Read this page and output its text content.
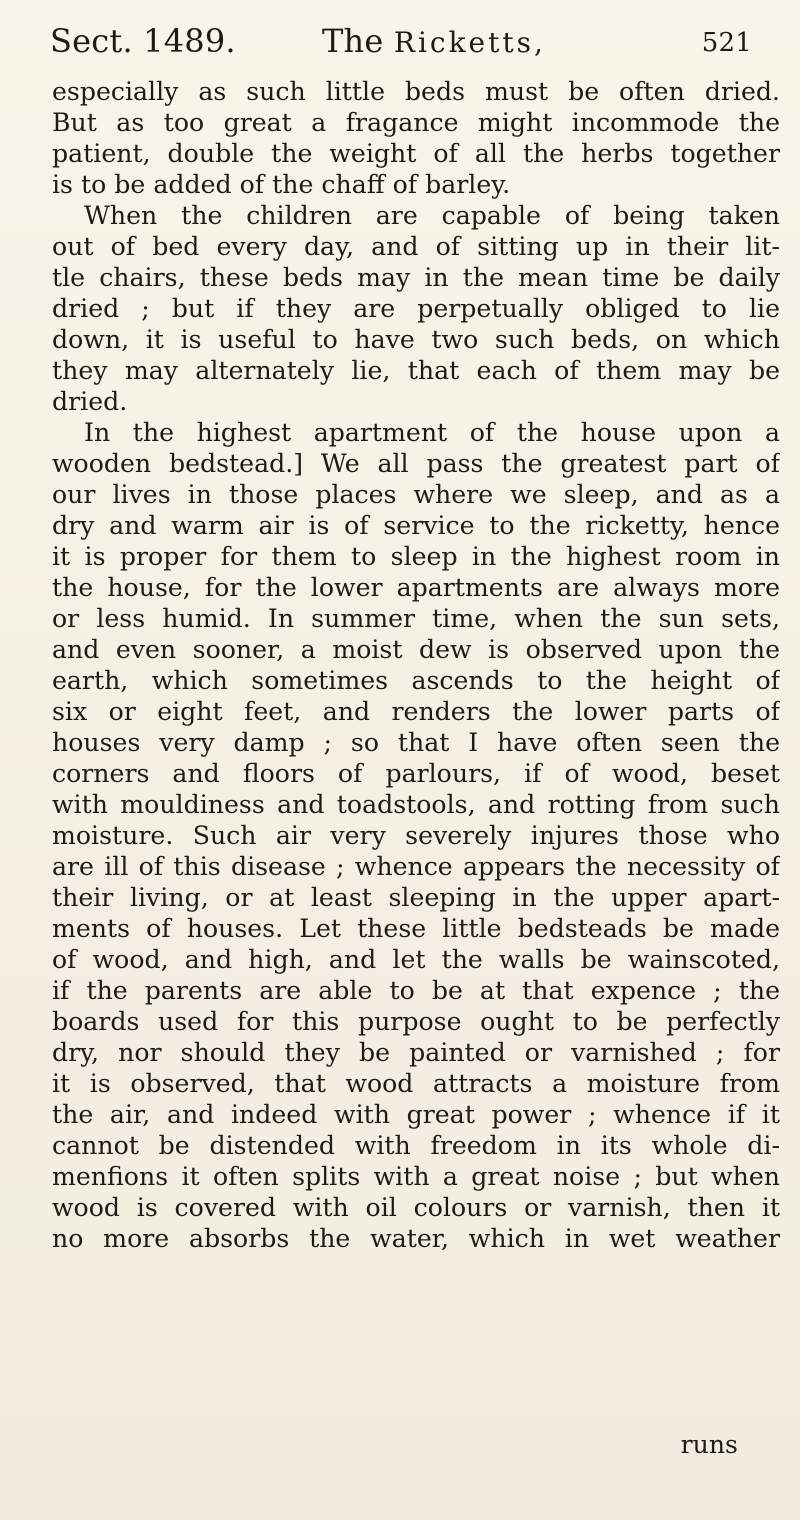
Sect. 1489.	The Ricketts,	521
especially as such little beds must be often dried.
But as too great a fragance might incommode the
patient, double the weight of all the herbs together
is to be added of the chaff of barley.
When the children are capable of being taken
out of bed every day, and of sitting up in their lit-
tle chairs, these beds may in the mean time be daily
dried ; but if they are perpetually obliged to lie
down, it is useful to have two such beds, on which
they may alternately lie, that each of them may be
dried.
In the highest apartment of the house upon a
wooden bedstead.] We all pass the greatest part of
our lives in those places where we sleep, and as a
dry and warm air is of service to the ricketty, hence
it is proper for them to sleep in the highest room in
the house, for the lower apartments are always more
or less humid. In summer time, when the sun sets,
and even sooner, a moist dew is observed upon the
earth, which sometimes ascends to the height of
six or eight feet, and renders the lower parts of
houses very damp ; so that I have often seen the
corners and floors of parlours, if of wood, beset
with mouldiness and toadstools, and rotting from such
moisture. Such air very severely injures those who
are ill of this disease ; whence appears the necessity of
their living, or at least sleeping in the upper apart-
ments of houses. Let these little bedsteads be made
of wood, and high, and let the walls be wainscoted,
if the parents are able to be at that expence ; the
boards used for this purpose ought to be perfectly
dry, nor should they be painted or varnished ; for
it is observed, that wood attracts a moisture from
the air, and indeed with great power ; whence if it
cannot be distended with freedom in its whole di-
menfions it often splits with a great noise ; but when
wood is covered with oil colours or varnish, then it
no more absorbs the water, which in wet weather
runs
